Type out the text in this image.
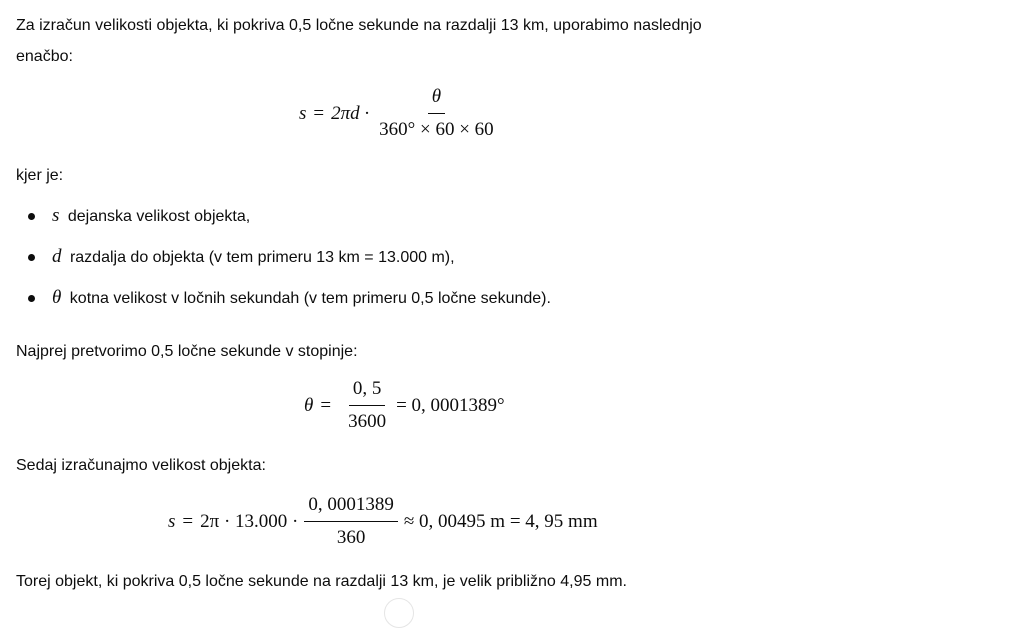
Za izračun velikosti objekta, ki pokriva 0,5 ločne sekunde na razdalji 13 km, uporabimo naslednjo
enačbo:
$s = 2\pi d \cdot \frac{\theta}{360^\circ \times 60 \times 60}$
kjer je:
s dejanska velikost objekta,
d razdalja do objekta (v tem primeru 13 km = 13.000 m),
θ kotna velikost v ločnih sekundah (v tem primeru 0,5 ločne sekunde).
Najprej pretvorimo 0,5 ločne sekunde v stopinje:
$\theta = \frac{0, 5}{3600} = 0$, 0001389°
Sedaj izračunajmo velikost objekta:
$s = 2\pi \cdot 13.000 \cdot \frac{0, 0001389}{360} \approx 0$, 00495 m = 4, 95 mm
Torej objekt, ki pokriva 0,5 ločne sekunde na razdalji 13 km, je velik približno 4,95 mm.
